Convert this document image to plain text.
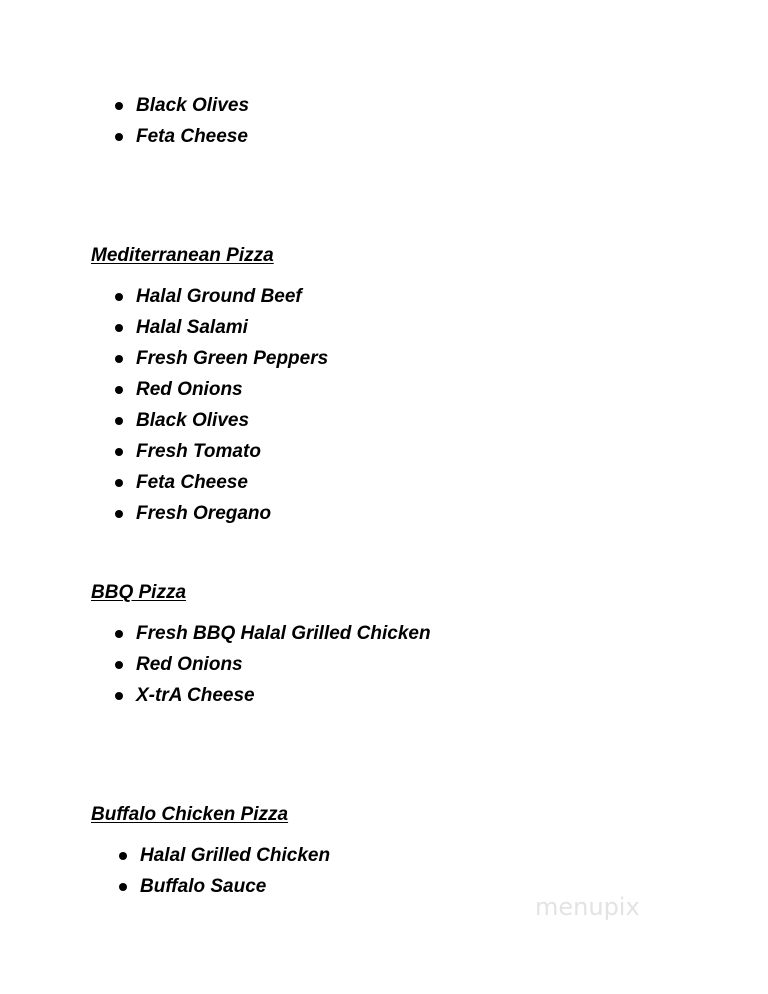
Black Olives
Feta Cheese
Mediterranean Pizza
Halal Ground Beef
Halal Salami
Fresh Green Peppers
Red Onions
Black Olives
Fresh Tomato
Feta Cheese
Fresh Oregano
BBQ Pizza
Fresh BBQ Halal Grilled Chicken
Red Onions
X-trA Cheese
Buffalo Chicken Pizza
Halal Grilled Chicken
Buffalo Sauce
menupix
